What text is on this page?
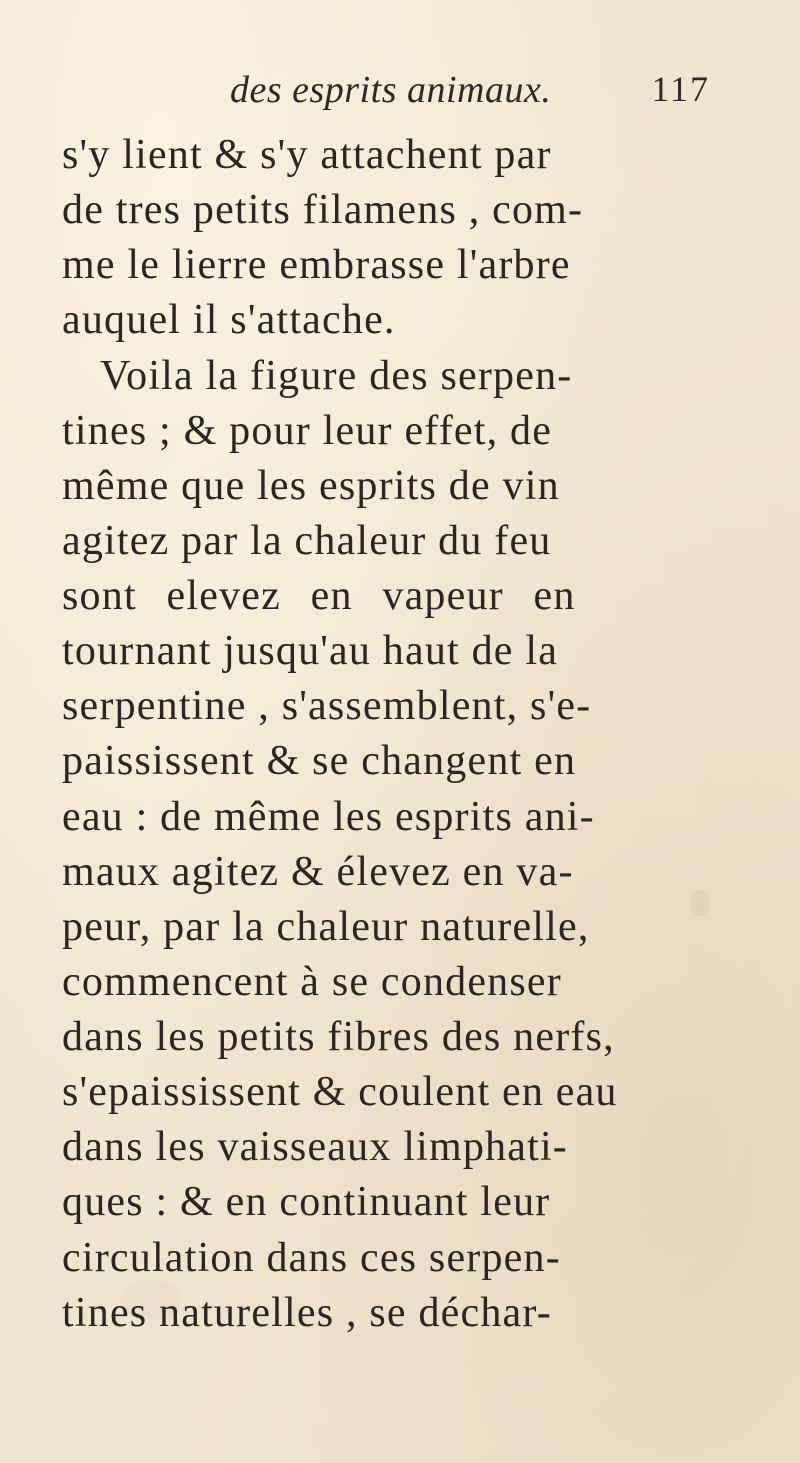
des esprits animaux.	117
s'y lient & s'y attachent par
de tres petits filamens , com-
me le lierre embrasse l'arbre
auquel il s'attache.
Voila la figure des serpen-
tines ; & pour leur effet, de
même que les esprits de vin
agitez par la chaleur du feu
sont elevez en vapeur en
tournant jusqu'au haut de la
serpentine , s'assemblent, s'e-
paississent & se changent en
eau : de même les esprits ani-
maux agitez & élevez en va-
peur, par la chaleur naturelle,
commencent à se condenser
dans les petits fibres des nerfs,
s'epaississent & coulent en eau
dans les vaisseaux limphati-
ques : & en continuant leur
circulation dans ces serpen-
tines naturelles , se déchar-
